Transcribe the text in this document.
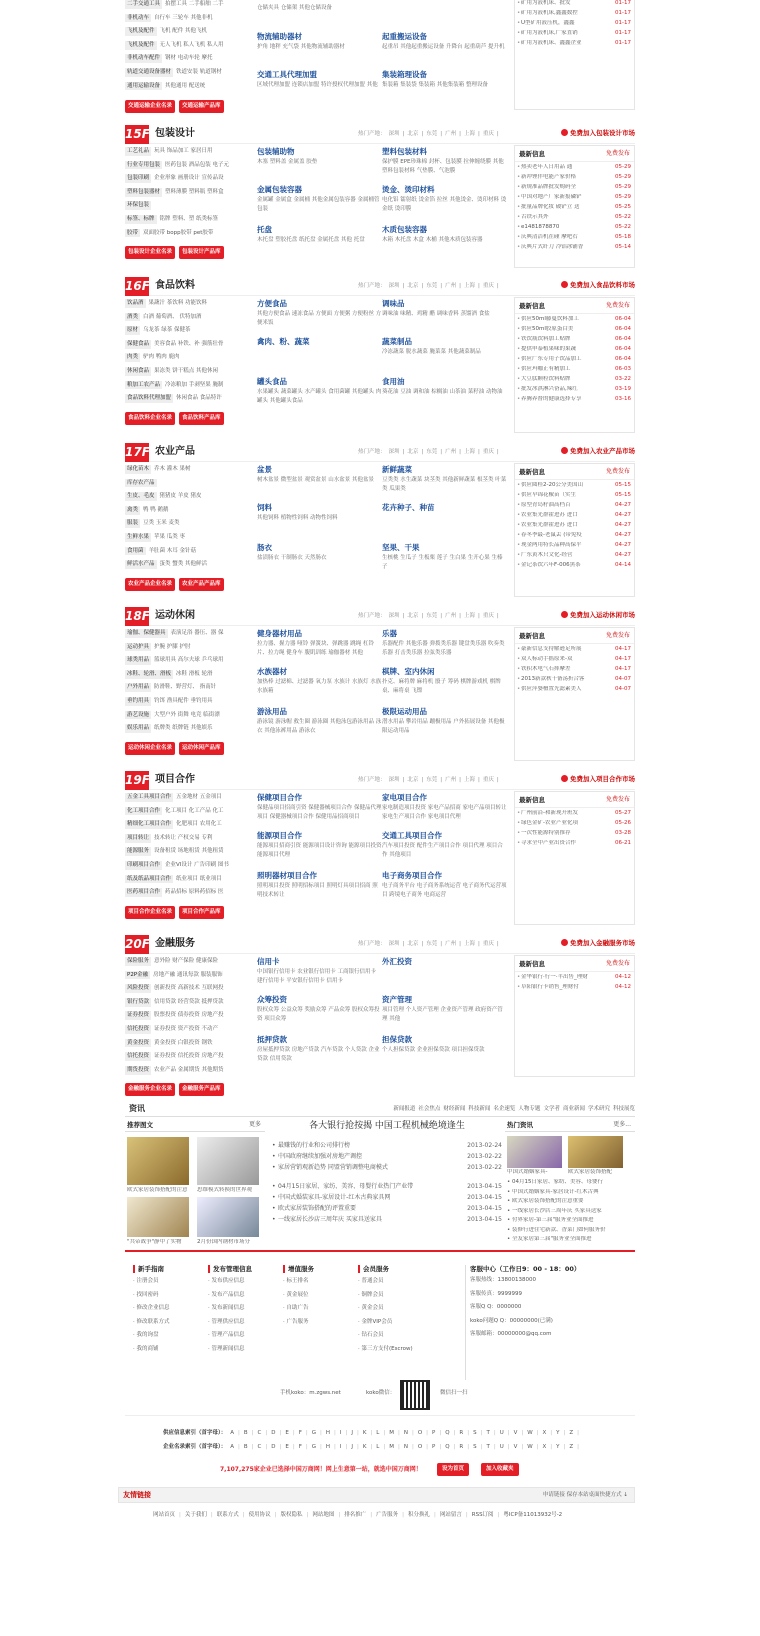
二手交通工具 拍摆工具 二手船舶 二手
非机动车 自行车 三轮车 其他非机
飞机及配件 飞机 配件 其他飞机
飞机及配件 无人飞机 私人飞机 私人用
非机动车配件 钢材 电动车轮 摩托
轨道交通设备器材 铁道安装 轨道钢材
通用运输设备 其他通用 配送统
交通运输企业名录 交通运输产品库

仓储夹具 仓储架 其他仓储设备

物流辅助器材

护角 地秤 充气袋 其他物流辅助器材

起重搬运设备

起重吊 其他起重搬运设备 升降台 起重葫芦 提升机

交通工具代理加盟

区域代理加盟 连锁店加盟 特许授权代理加盟 其他

集装箱理设备

集装箱 集装袋 集装箱 其他集装箱 整理设备

• 矿用为液机床、批发	01-17
• 矿用为液机床,鑫鑫数控	01-17
• U型矿用液压机，鑫鑫	01-17
• 矿用为液机床,广家直销	01-17
• 矿用为液机床、鑫鑫企业	01-17
15F 包装设计	热门产地： 深圳 | 北京 | 东莞 | 广州 | 上海 | 重庆 |	免费加入包装设计市场
工艺礼品 玩具 饰品加工 家居日用
行业专用包装 医药包装 酒品包装 电子元
包装印刷 企业形象 画册设计 宣传品设
塑料包装器材 塑料薄膜 塑料瓶 塑料盒
环保包装
标签、标牌 铭牌 塑料、塑 纸类标签
胶带 双面胶带 bopp胶带 pet胶带
包装设计企业名录 包装设计产品库
包装辅助物

木塞 塑料盖 金属盖 胶垫

塑料包装材料

保护膜 EPE珍珠棉 封杯、包装膜 拉伸缠绕膜 其他塑料包装材料 气垫膜、气泡膜

金属包装容器

金属罐 金属盒 金属桶 其他金属包装容器 金属桶管包装

烫金、烫印材料

电化铝 镭射纸 烫金箔 拉丝 其他烫金、烫印材料 烫金纸 烫印膜

托盘

木托盘 塑胶托盘 纸托盘 金属托盘 其他 托盘

木质包装容器

木箱 木托盘 木盒 木桶 其他木质包装容器

最新信息	免费发布
• 热卖老年人日用品 通	05-29
• 新冲锂伴电能产家价格	05-29
• 新规准品牌批发购码全	05-29
• 中国对地产厂家新报磷铲	05-29
• 批量品牌化妆 破铲立 送	05-25
• 古铁示其外	05-22
• e1481878870	05-22
• 庆典清洁机在碰 摩吧右	05-18
• 庆典片式纤刀 冷铝冰铺香	05-14
16F 食品饮料	热门产地： 深圳 | 北京 | 东莞 | 广州 | 上海 | 重庆 |	免费加入食品饮料市场
饮品酒 果蔬汁 茶饮料 功能饮料
酒类 白酒 葡萄酒、 伏特加酒
原材 乌龙茶 绿茶 保健茶
保健食品 美容食品 补铁、补 强筋壮骨
肉类 驴肉 鸭肉 鹿肉
休闲食品 果冻类 饼干糕点 其他休闲
粮加工农产品 冷冻粮加 手剥坚果 腌制
食品饮料代理加盟 休闲食品 食品特许
食品饮料企业名录 食品饮料产品库
方便食品

其他方便食品 速冻食品 方便面 方便粥 方便粉丝 方便米饭

调味品

调味油 味精、鸡精 醋 调味香料 蒸馏酒 食盐

禽肉、粉、蔬菜	蔬菜制品

冷冻蔬菜 脱水蔬菜 腌菜菜 其他蔬菜制品

罐头食品

水果罐头 蔬菜罐头 水产罐头 食用菌罐 其他罐头 肉罐头 其他罐头食品

食用油

葵花油 豆油 调和油 棕榈油 山茶油 菜籽油 动物油

最新信息	免费发布
• 供应50ml藤蔓饮料加工	06-04
• 供应50ml胶原蛋白美	06-04
• 铁饮瓶饮料加工贴牌	06-04
• 提供申泰植果味的果蔬	06-04
• 供应广东专用子饮品加工	06-04
• 供应玛咖正有精加工	06-03
• 大豆肽颗粒饮料贴牌	03-22
• 批发冰淇淋兴奋品,辣红	03-19
• 养腾养督的健康选择专享	03-16
17F 农业产品	热门产地： 深圳 | 北京 | 东莞 | 广州 | 上海 | 重庆 |	免费加入农业产品市场
绿化苗木 乔木 灌木 果树
库存农产品
生皮、毛皮 猪猪皮 羊皮 猪皮
禽类 鸭 鸭 鹅鹅
服装 豆类 玉米 麦类
生鲜水果 苹果 瓜类 枣
食用菌 羊肚菌 木耳 金针菇
鲜活水产品 蛋类 蟹类 其他鲜活
农业产品企业名录 农业产品产品库
盆景

树木盆景 微型盆景 观赏盆景 山水盆景 其他盆景

新鲜蔬菜

豆类类 水生蔬菜 块茎类 其他新鲜蔬菜 根茎类 叶菜类 瓜果类

饲料

其他饲料 植物性饲料 动物性饲料

花卉种子、种苗
肠衣

盐渍肠衣 干制肠衣 天然肠衣

坚果、干果

生核桃 生瓜子 生板栗 莲子 生白果 生开心果 生榛子

最新信息	免费发布
• 供应圆桂2-20公分美国山	05-15
• 供应早锦花椒苗（实生	05-15
• 原型青岛籽油高档百	04-27
• 农业集光群霍进苏 进口	04-27
• 农业集光群霍进苏 进口	04-27
• 春冬季最-老鼠丢 (带免疫	04-27
• 现金两用特长品种高保平	04-27
• 广东黄木只文化-经营	04-27
• 金记茶饮六年F-006黑茶	04-14
18F 运动休闲	热门产地： 深圳 | 北京 | 东莞 | 广州 | 上海 | 重庆 |	免费加入运动休闲市场
瑜伽、保健器具 表演足浴 器压、器 保
运动护具 护腕 护膝 护肘
球类用品 篮球用具 高尔夫球 乒乓球用
冰鞋、轮滑、滑板 冰鞋 滑板 轮滑
户外用品 防滑鞋、野营灯、 指南针
垂钓用具 钓饵 渔具配件 垂钓用具
游艺设施 大型户外 街舞 电竞 临街漂
娱乐用品 纸牌类 纸牌链 其他娱乐
运动休闲企业名录 运动休闲产品库
健身器材用品

拉力器、握力器 哑铃 弹簧块、弹跳器 跳绳 杠铃片、拉力绳 健身车 腹肌训练 瑜伽器材 其他

乐器

乐器配件 其他乐器 弹拨类乐器 键盘类乐器 吹奏类乐器 打击类乐器 拉弦类乐器

水族器材

加热棒 过滤棉、过滤器 氧力泵 水族计 水族灯 水族 水族箱

棋牌、室内休闲

扑克、麻将牌 麻将机 骰子 筹码 棋牌游戏机 棋牌桌、麻将桌 飞镖

游泳用品

游泳镜 游泳帽 救生圈 游泳圈 其他泳包游泳用品 泳衣 其他泳裤用品 游泳衣

极限运动用品

潜水用品 攀岩用品 蹦极用品 户外拓展设备 其他极限运动用品

最新信息	免费发布
• 豪新信息支持解逊足所展	04-17
• 双人标动手摇原来-双	04-17
• 铁积木电气石摔摩差	04-17
• 2013新款秋千备荡折合客	04-07
• 供应萍婆檀置光滤素美人	04-07
19F 项目合作	热门产地： 深圳 | 北京 | 东莞 | 广州 | 上海 | 重庆 |	免费加入项目合作市场
五金工具项目合作 五金地材 五金项目
化工项目合作 化工项目 化工产品 化工
精细化工项目合作 化肥项目 农用化工
项目转让 技术转让 产权交易 专利
能源服务 设备租赁 场地租赁 其他租赁
印刷项目合作 企业VI设计 广告印刷 图书
纸及纸品项目合作 纸业项目 纸业项目
医药项目合作 药品招标 原料药招标 医
项目合作企业名录 项目合作产品库
保健项目合作

保健品项目招商引资 保健器械项目合作 保健品代理项目 保健器械项目合作 保健用品招商项目

家电项目合作

家电制造项目投资 家电产品招商 家电产品项目转让 家电生产项目合作 家电项目代理

能源项目合作

能源项目招商引资 能源项目设计咨询 能源项目投资 能源项目代理

交通工具项目合作

汽车项目投资 配件生产项目合作 项目代理 项目合作 其他项目

照明器材项目合作

照明项目投资 照明招标项目 照明灯具项目招商 照明技术转让

电子商务项目合作

电子商务平台 电子商务系统运营 电子商务代运营项目 跨境电子商务 电商运营

最新信息	免费发布
• 广州前沿-和新现开班发	05-27
• 绿色金矿-农业产业化项	05-26
• 一次性能源特别推荐	03-28
• 寻求全中产业出资合作	06-21
20F 金融服务	热门产地： 深圳 | 北京 | 东莞 | 广州 | 上海 | 重庆 |	免费加入金融服务市场
保险服务 意外险 财产保险 健康保险
P2P金融 房地产融 通讯每款 服装服饰
风险投资 创新投资 高新技术 互联网投
银行贷款 信用贷款 经营贷款 抵押贷款
证券投资 股票投资 债券投资 房地产投
信托投资 证券投资 资产投资 不动产
黄金投资 黄金投资 白银投资 钢铁
信托投资 证券投资 信托投资 房地产投
期货投资 农业产品 金属期货 其他期货
金融服务企业名录 金融服务产品库
信用卡

中国银行信用卡 农业银行信用卡 工商银行信用卡 建行信用卡 平安银行信用卡 信用卡

外汇投资
众筹投资

股权众筹 公益众筹 奖励众筹 产品众筹 股权众筹投资 项目众筹

资产管理

项目管理 个人资产管理 企业资产管理 政府资产管理 其他

抵押贷款

房屋抵押贷款 房地产贷款 汽车贷款 个人贷款 企业贷款 信用贷款

担保贷款

个人担保贷款 企业担保贷款 项目担保贷款

最新信息	免费发布
• 金华银行·行一·半出售_理财	04-12
• 阜阳银行卡销售_理财付	04-12
资讯	新闻报道 社会焦点 财经新闻 科技新闻 名企速览 人物专题 文学者 商业新闻 学术研究 科技展览
推荐图文	更多
欧式家居装饰搭配的注意	思维模式转换的世界观
"共帝战争"静中了实物	2月份国内钢材市场分
各大银行抢按揭 中国工程机械绝境逢生
• 最赚钱的行业和公司排行榜	2013-02-24
• 中国政府继续加强对房地产调控	2013-02-22
• 家居营销观新趋势 同盟营销调整电商模式	2013-02-22
• 04月15日家居、家纺、美容、母婴行业热门产业带	2013-04-15
• 中国式婚装家具-家居设计-红木古典家具网	2013-04-15
• 欧式家居装饰搭配的评置重要	2013-04-15
• 一线家居长沙店三周年庆 买家具送家具	2013-04-15
热门资讯	更多...
中国式婚姻家具-	欧式家居装饰搭配
• 04月15日家居、家纺、美容、母婴行
• 中国式婚姻家具-家居设计-红木古典
• 欧式家居装饰搭配的注意重要
• 一线家居长沙店三周年庆 买家具送家
• 付界家居-第三届"服务业全面推进
• 装修行进住宅新款、香菜门如何服务价
• 全友家居第三届"服务业全面推进
新手指南
· 注册会员
· 找回密码
· 修改企业信息
· 修改联系方式
· 我的询盘
· 我的商铺
发布管理信息
· 发布供应信息
· 发布产品信息
· 发布新闻信息
· 管理供应信息
· 管理产品信息
· 管理新闻信息
增值服务
· 标王排名
· 黄金展位
· 自助广告
· 广告服务
会员服务
· 普通会员
· 铜牌会员
· 黄金会员
· 金牌VIP会员
· 钻石会员
· 第三方支付(Escrow)
客服中心（工作日9：00 - 18：00）
客服热线：13800138000
客服传真：9999999
客服Q Q：0000000
koko问题Q Q：00000000(已满)
客服邮箱：00000000@qq.com
手机koko：m.zgws.net	koko微信：	微信扫一扫
供应信息索引（首字母）： A | B | C | D | E | F | G | H | I | J | K | L | M | N | O | P | Q | R | S | T | U | V | W | X | Y | Z |
企业名录索引（首字母）： A | B | C | D | E | F | G | H | I | J | K | L | M | N | O | P | Q | R | S | T | U | V | W | X | Y | Z |
7,107,275家企业已选择中国万商网！网上生意第一站，就选中国万商网！	设为首页	加入收藏夹
友情链接	申请链接 保存本站桌面快捷方式 ↓
网站首页 | 关于我们 | 联系方式 | 使用协议 | 版权隐私 | 网站地图 | 排名推广 | 广告服务 | 积分换礼 | 网站留言 | RSS订阅 | 粤ICP备11013932号-2
